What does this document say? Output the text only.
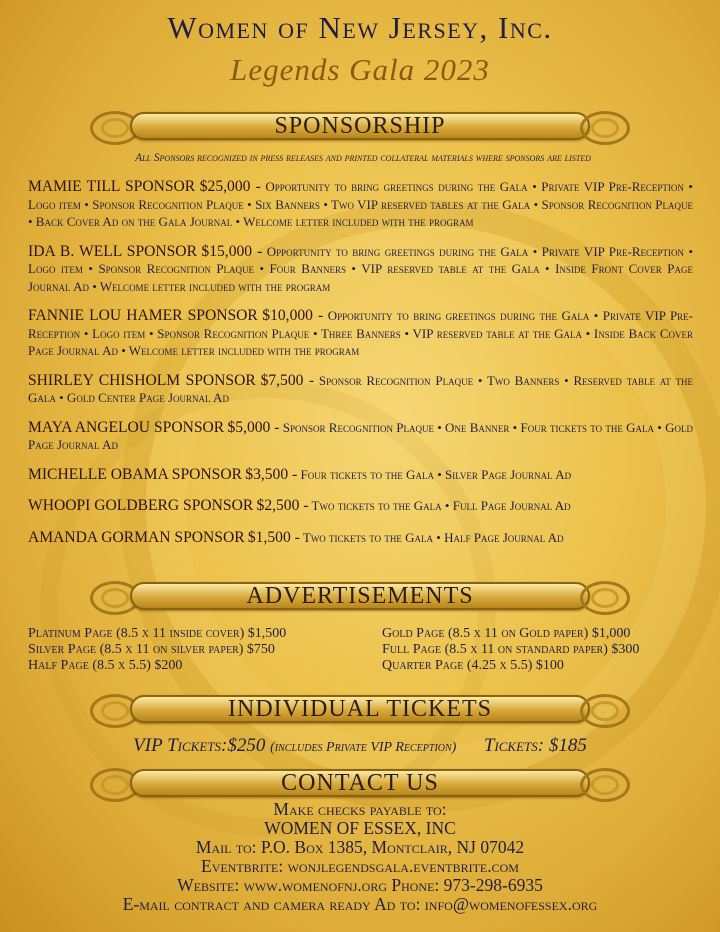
Women of New Jersey, Inc.
Legends Gala 2023
SPONSORSHIP
All Sponsors recognized in press releases and printed collateral materials where sponsors are listed
MAMIE TILL SPONSOR $25,000 - Opportunity to bring greetings during the Gala • Private VIP Pre-Reception • Logo item • Sponsor Recognition Plaque • Six Banners • Two VIP reserved tables at the Gala • Sponsor Recognition Plaque • Back Cover Ad on the Gala Journal • Welcome letter included with the program
IDA B. WELL SPONSOR $15,000 - Opportunity to bring greetings during the Gala • Private VIP Pre-Reception • Logo item • Sponsor Recognition Plaque • Four Banners • VIP reserved table at the Gala • Inside Front Cover Page Journal Ad • Welcome letter included with the program
FANNIE LOU HAMER SPONSOR $10,000 - Opportunity to bring greetings during the Gala • Private VIP Pre-Reception • Logo item • Sponsor Recognition Plaque • Three Banners • VIP reserved table at the Gala • Inside Back Cover Page Journal Ad • Welcome letter included with the program
SHIRLEY CHISHOLM SPONSOR $7,500 - Sponsor Recognition Plaque • Two Banners • Reserved table at the Gala • Gold Center Page Journal Ad
MAYA ANGELOU SPONSOR $5,000 - Sponsor Recognition Plaque • One Banner • Four tickets to the Gala • Gold Page Journal Ad
MICHELLE OBAMA SPONSOR $3,500 - Four tickets to the Gala • Silver Page Journal Ad
WHOOPI GOLDBERG SPONSOR $2,500 - Two tickets to the Gala • Full Page Journal Ad
AMANDA GORMAN SPONSOR $1,500 - Two tickets to the Gala • Half Page Journal Ad
ADVERTISEMENTS
Platinum Page (8.5 x 11 inside cover) $1,500
Silver Page (8.5 x 11 on silver paper) $750
Half Page (8.5 x 5.5) $200
Gold Page (8.5 x 11 on Gold paper) $1,000
Full Page (8.5 x 11 on standard paper) $300
Quarter Page (4.25 x 5.5) $100
INDIVIDUAL TICKETS
VIP Tickets:$250 (includes Private VIP Reception) Tickets: $185
CONTACT US
Make checks payable to:
WOMEN OF ESSEX, INC
Mail to: P.O. Box 1385, Montclair, NJ 07042
Eventbrite: wonjlegendsgala.eventbrite.com
Website: www.womenofnj.org Phone: 973-298-6935
E-mail contract and camera ready Ad to: info@womenofessex.org
